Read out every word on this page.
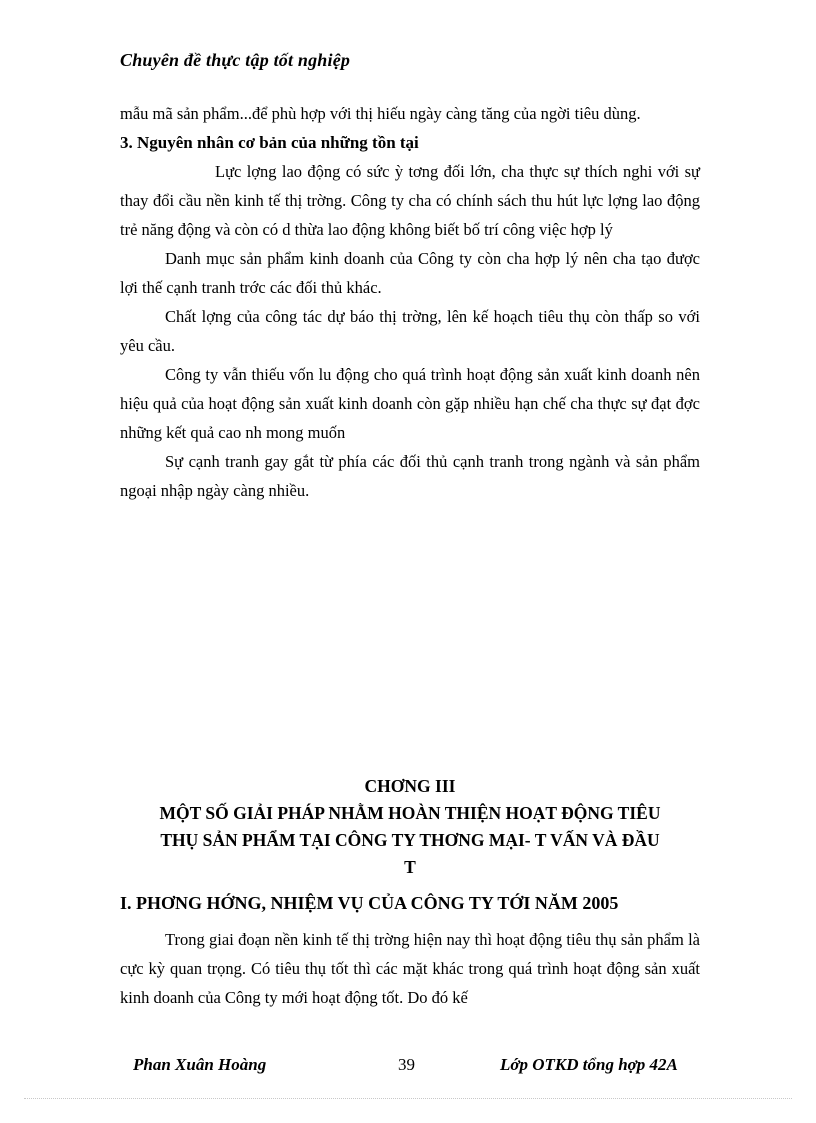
Chuyên đề thực tập tốt nghiệp

mẫu mã sản phẩm...để phù hợp với thị hiếu ngày càng tăng của ngời tiêu dùng.

3. Nguyên nhân cơ bản của những tồn tại

Lực lợng lao động có sức ỳ tơng đối lớn, cha thực sự thích nghi với sự thay đổi cầu nền kinh tế thị trờng. Công ty cha có chính sách thu hút lực lợng lao động trẻ năng động và còn có d thừa lao động không biết bố trí công việc hợp lý

Danh mục sản phẩm kinh doanh của Công ty còn cha hợp lý nên cha tạo được lợi thế cạnh tranh trớc các đối thủ khác.

Chất lợng của công tác dự báo thị trờng, lên kế hoạch tiêu thụ còn thấp so với yêu cầu.

Công ty vẫn thiếu vốn lu động cho quá trình hoạt động sản xuất kinh doanh nên hiệu quả của hoạt động sản xuất kinh doanh còn gặp nhiều hạn chế cha thực sự đạt đợc những kết quả cao nh mong muốn

Sự cạnh tranh gay gắt từ phía các đối thủ cạnh tranh trong ngành và sản phẩm ngoại nhập ngày càng nhiều.

CHƠNG III
MỘT SỐ GIẢI PHÁP NHẰM HOÀN THIỆN HOẠT ĐỘNG TIÊU
THỤ SẢN PHẨM TẠI CÔNG TY THƠNG MẠI- T VẤN VÀ ĐẦU
T
I. PHƠNG HỚNG, NHIỆM VỤ CỦA CÔNG TY TỚI NĂM 2005

Trong giai đoạn nền kinh tế thị trờng hiện nay thì hoạt động tiêu thụ sản phẩm là cực kỳ quan trọng. Có tiêu thụ tốt thì các mặt khác trong quá trình hoạt động sản xuất kinh doanh của Công ty mới hoạt động tốt. Do đó kế

Phan Xuân Hoàng	39	Lớp OTKD tổng hợp 42A
